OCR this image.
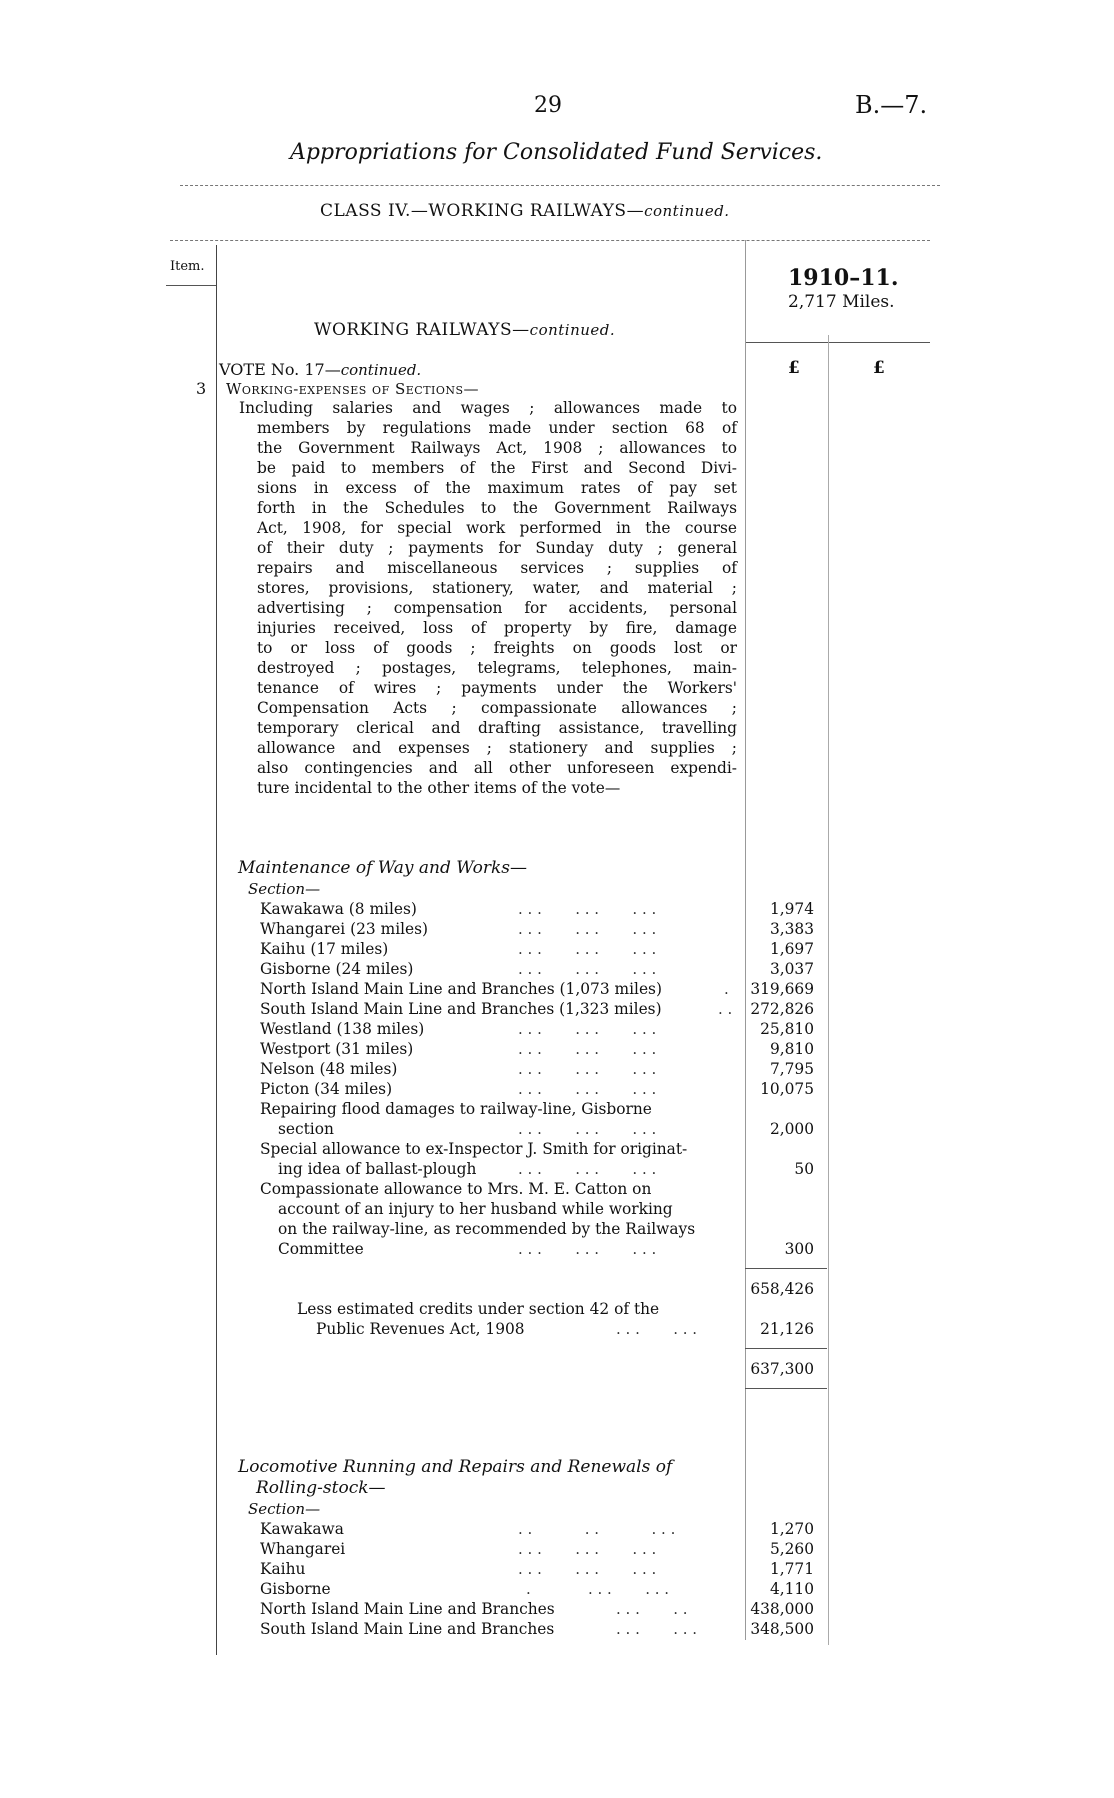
29	B.—7.
Appropriations for Consolidated Fund Services.
CLASS IV.—WORKING RAILWAYS—continued.
Item.	1910–11.
2,717 Miles.
WORKING RAILWAYS—continued.
VOTE No. 17—continued.	£	£
3 Working-expenses of Sections—
Including salaries and wages ; allowances made to
members by regulations made under section 68 of
the Government Railways Act, 1908 ; allowances to
be paid to members of the First and Second Divi-
sions in excess of the maximum rates of pay set
forth in the Schedules to the Government Railways
Act, 1908, for special work performed in the course
of their duty ; payments for Sunday duty ; general
repairs and miscellaneous services ; supplies of
stores, provisions, stationery, water, and material ;
advertising ; compensation for accidents, personal
injuries received, loss of property by fire, damage
to or loss of goods ; freights on goods lost or
destroyed ; postages, telegrams, telephones, main-
tenance of wires ; payments under the Workers'
Compensation Acts ; compassionate allowances ;
temporary clerical and drafting assistance, travelling
allowance and expenses ; stationery and supplies ;
also contingencies and all other unforeseen expendi-
ture incidental to the other items of the vote—
Maintenance of Way and Works—
Section—
Kawakawa (8 miles)	. . .       . . .       . . .	1,974
Whangarei (23 miles)	. . .       . . .       . . .	3,383
Kaihu (17 miles)	. . .       . . .       . . .	1,697
Gisborne (24 miles)	. . .       . . .       . . .	3,037
North Island Main Line and Branches (1,073 miles)	. 319,669
South Island Main Line and Branches (1,323 miles)	. . 272,826
Westland (138 miles)	. . .       . . .       . . .	25,810
Westport (31 miles)	. . .       . . .       . . .	9,810
Nelson (48 miles)	. . .       . . .       . . .	7,795
Picton (34 miles)	. . .       . . .       . . .	10,075
Repairing flood damages to railway-line, Gisborne
section	. . .       . . .       . . .	2,000
Special allowance to ex-Inspector J. Smith for originat-
ing idea of ballast-plough	. . .       . . .       . . .	50
Compassionate allowance to Mrs. M. E. Catton on
account of an injury to her husband while working
on the railway-line, as recommended by the Railways
Committee	. . .       . . .       . . .	300
658,426
Less estimated credits under section 42 of the
Public Revenues Act, 1908	. . .       . . .	21,126
637,300
Locomotive Running and Repairs and Renewals of
Rolling-stock—
Section—
Kawakawa	. .           . .           . . .	1,270
Whangarei	. . .       . . .       . . .	5,260
Kaihu	. . .       . . .       . . .	1,771
Gisborne	.            . . .       . . .	4,110
North Island Main Line and Branches	. . .       . .	438,000
South Island Main Line and Branches	. . .       . . .	348,500
